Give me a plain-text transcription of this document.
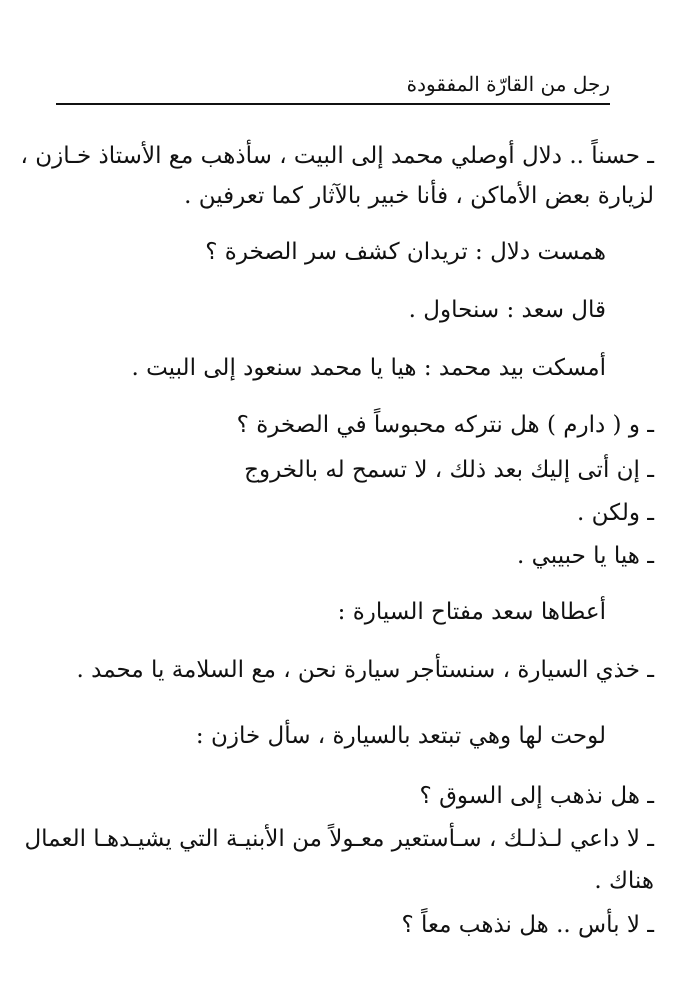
رجل من القارّة المفقودة
ـ حسناً .. دلال أوصلي محمد إلى البيت ، سأذهب مع الأستاذ خـازن ،
لزيارة بعض الأماكن ، فأنا خبير بالآثار كما تعرفين .
همست دلال : تريدان كشف سر الصخرة ؟
قال سعد : سنحاول .
أمسكت بيد محمد : هيا يا محمد سنعود إلى البيت .
ـ و ( دارم ) هل نتركه محبوساً في الصخرة ؟
ـ إن أتى إليك بعد ذلك ، لا تسمح له بالخروج
ـ ولكن .
ـ هيا يا حبيبي .
أعطاها سعد مفتاح السيارة :
ـ خذي السيارة ، سنستأجر سيارة نحن ، مع السلامة يا محمد .
لوحت لها وهي تبتعد بالسيارة ، سأل خازن :
ـ هل نذهب إلى السوق ؟
ـ لا داعي لـذلـك ، سـأستعير معـولاً من الأبنيـة التي يشيـدهـا العمال
هناك .
ـ لا بأس .. هل نذهب معاً ؟
